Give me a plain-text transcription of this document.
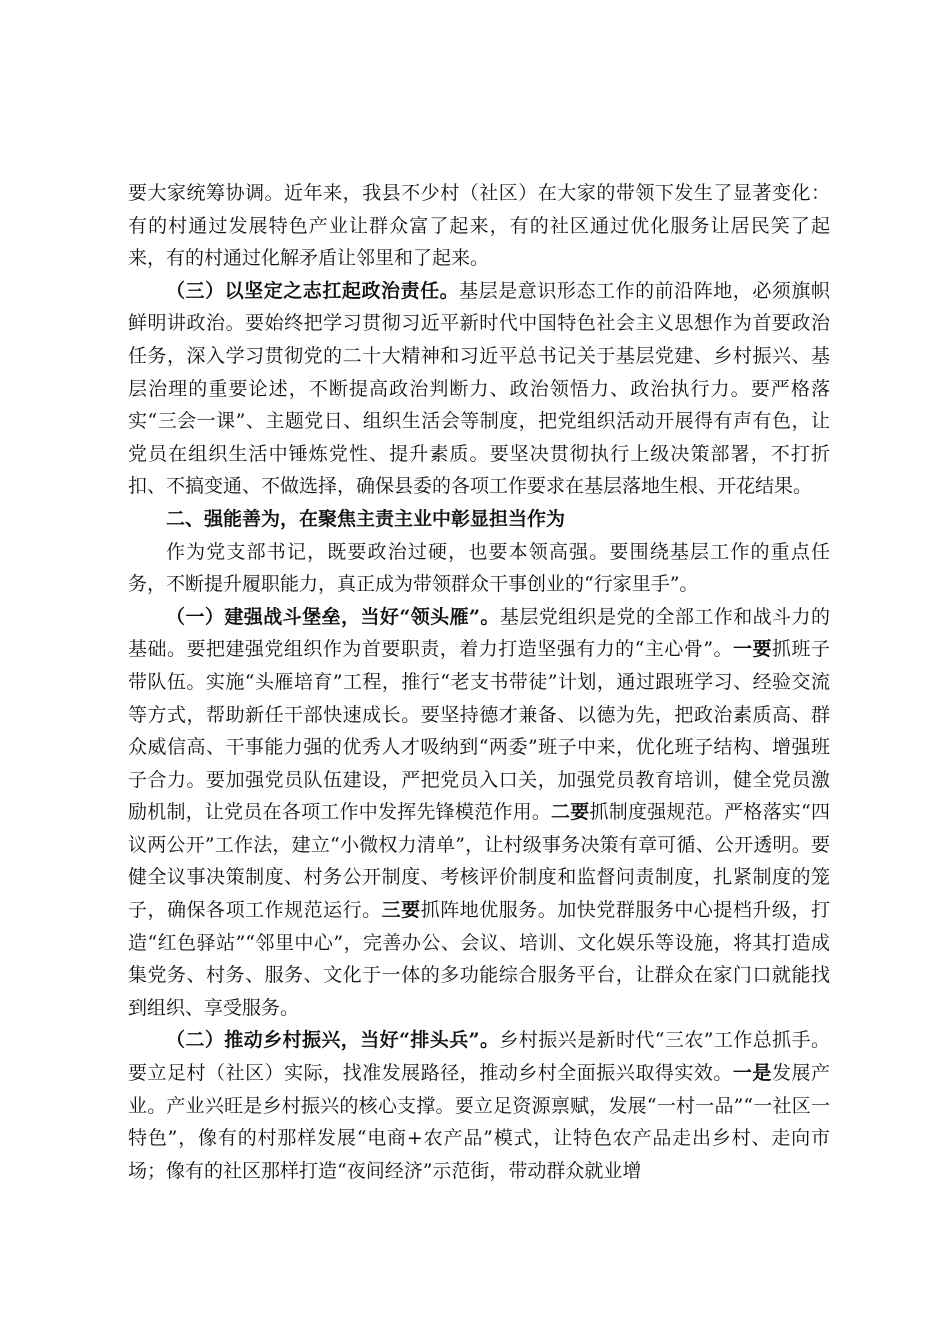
要大家统筹协调。近年来，我县不少村（社区）在大家的带领下发生了显著变化：有的村通过发展特色产业让群众富了起来，有的社区通过优化服务让居民笑了起来，有的村通过化解矛盾让邻里和了起来。

（三）以坚定之志扛起政治责任。基层是意识形态工作的前沿阵地，必须旗帜鲜明讲政治。要始终把学习贯彻习近平新时代中国特色社会主义思想作为首要政治任务，深入学习贯彻党的二十大精神和习近平总书记关于基层党建、乡村振兴、基层治理的重要论述，不断提高政治判断力、政治领悟力、政治执行力。要严格落实“三会一课”、主题党日、组织生活会等制度，把党组织活动开展得有声有色，让党员在组织生活中锤炼党性、提升素质。要坚决贯彻执行上级决策部署，不打折扣、不搞变通、不做选择，确保县委的各项工作要求在基层落地生根、开花结果。

二、强能善为，在聚焦主责主业中彰显担当作为

作为党支部书记，既要政治过硬，也要本领高强。要围绕基层工作的重点任务，不断提升履职能力，真正成为带领群众干事创业的“行家里手”。

（一）建强战斗堡垒，当好“领头雁”。基层党组织是党的全部工作和战斗力的基础。要把建强党组织作为首要职责，着力打造坚强有力的“主心骨”。一要抓班子带队伍。实施“头雁培育”工程，推行“老支书带徒”计划，通过跟班学习、经验交流等方式，帮助新任干部快速成长。要坚持德才兼备、以德为先，把政治素质高、群众威信高、干事能力强的优秀人才吸纳到“两委”班子中来，优化班子结构、增强班子合力。要加强党员队伍建设，严把党员入口关，加强党员教育培训，健全党员激励机制，让党员在各项工作中发挥先锋模范作用。二要抓制度强规范。严格落实“四议两公开”工作法，建立“小微权力清单”，让村级事务决策有章可循、公开透明。要健全议事决策制度、村务公开制度、考核评价制度和监督问责制度，扎紧制度的笼子，确保各项工作规范运行。三要抓阵地优服务。加快党群服务中心提档升级，打造“红色驿站”“邻里中心”，完善办公、会议、培训、文化娱乐等设施，将其打造成集党务、村务、服务、文化于一体的多功能综合服务平台，让群众在家门口就能找到组织、享受服务。

（二）推动乡村振兴，当好“排头兵”。乡村振兴是新时代“三农”工作总抓手。要立足村（社区）实际，找准发展路径，推动乡村全面振兴取得实效。一是发展产业。产业兴旺是乡村振兴的核心支撑。要立足资源禀赋，发展“一村一品”“一社区一特色”，像有的村那样发展“电商+农产品”模式，让特色农产品走出乡村、走向市场；像有的社区那样打造“夜间经济”示范街，带动群众就业增
